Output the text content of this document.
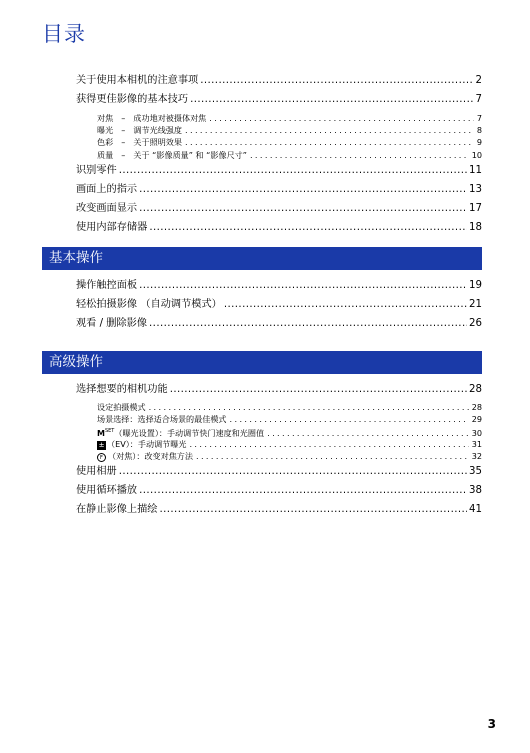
目录
关于使用本相机的注意事项 .....	2
获得更佳影像的基本技巧 .....	7
对焦　–　成功地对被摄体对焦 .....	7
曝光　–　调节光线强度 .....	8
色彩　–　关于照明效果 .....	9
质量　–　关于 “影像质量” 和 “影像尺寸” .....	10
识别零件 .....	11
画面上的指示 .....	13
改变画面显示 .....	17
使用内部存储器 .....	18
基本操作
操作触控面板 .....	19
轻松拍摄影像 （自动调节模式） .....	21
观看 / 删除影像 .....	26
高级操作
选择想要的相机功能 .....	28
设定拍摄模式 .....	28
场景选择：选择适合场景的最佳模式 .....	29
$M^{SET}$ （曝光设置）：手动调节快门速度和光圈值 .....	30
± （EV）：手动调节曝光 .....	31
F （对焦）：改变对焦方法 .....	32
使用相册 .....	35
使用循环播放 .....	38
在静止影像上描绘 .....	41
3
